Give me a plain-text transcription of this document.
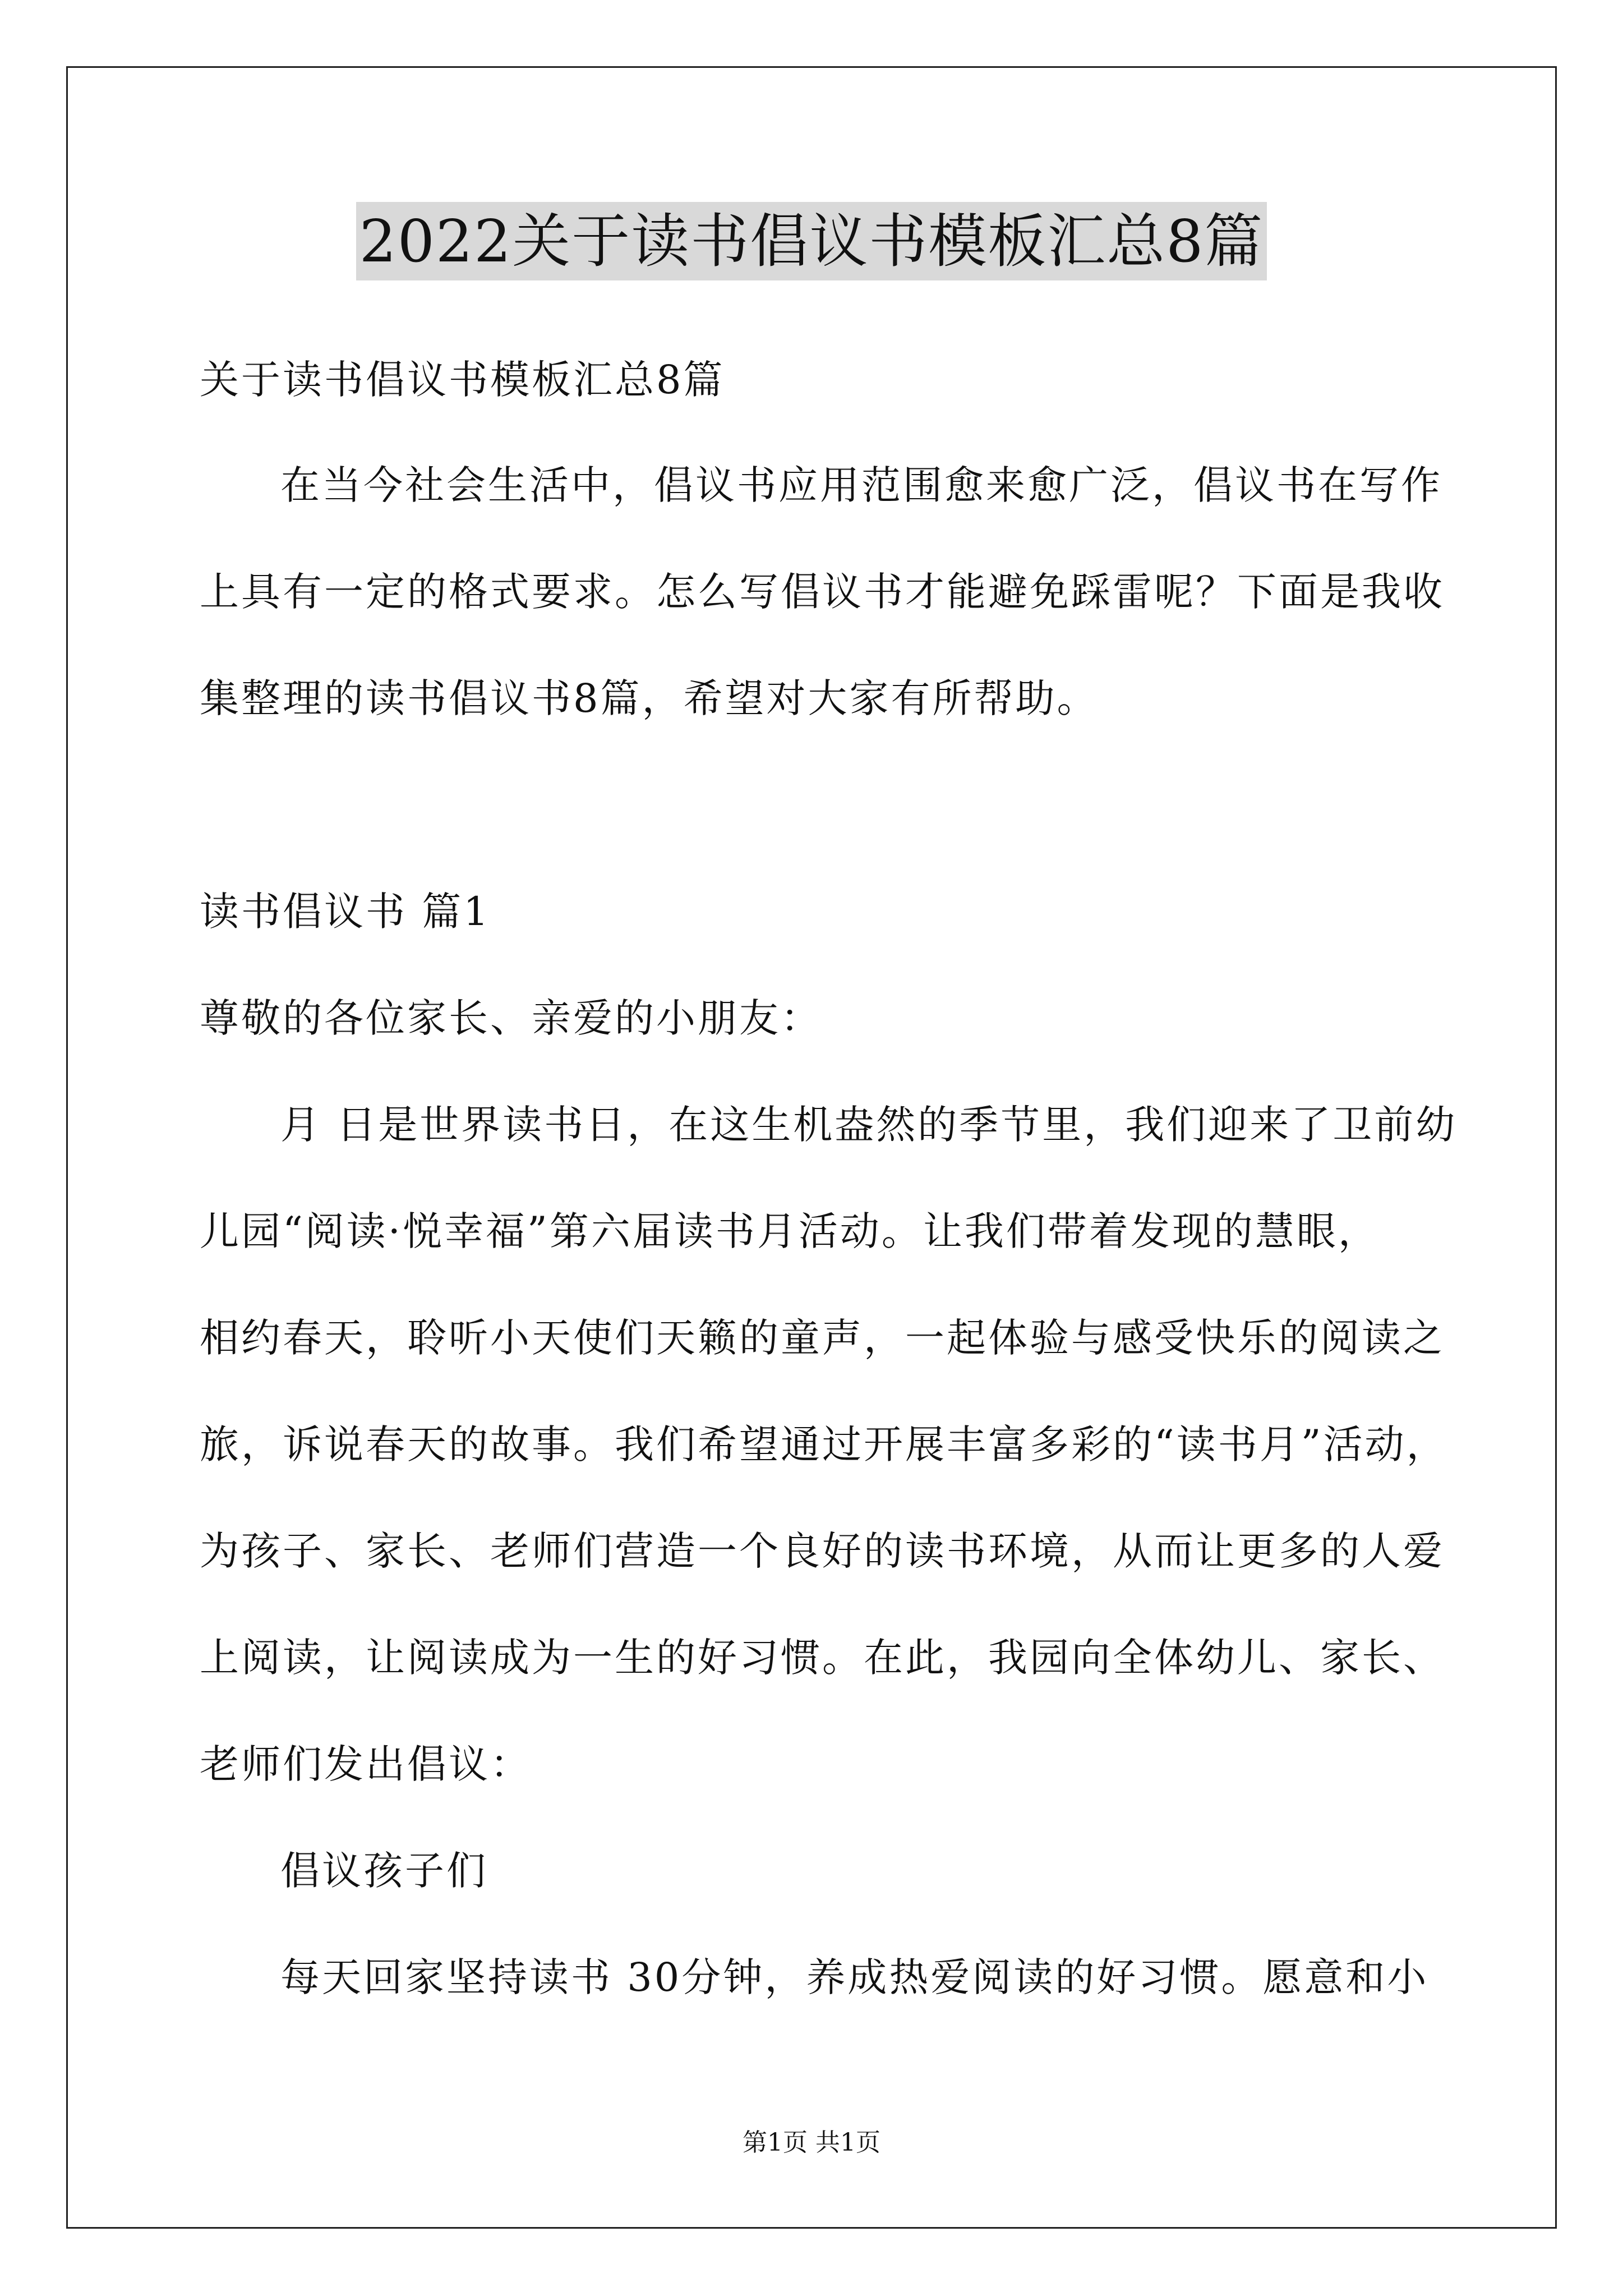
2022关于读书倡议书模板汇总8篇
关于读书倡议书模板汇总8篇
在当今社会生活中，倡议书应用范围愈来愈广泛，倡议书在写作
上具有一定的格式要求。怎么写倡议书才能避免踩雷呢？下面是我收
集整理的读书倡议书8篇，希望对大家有所帮助。
读书倡议书 篇1
尊敬的各位家长、亲爱的小朋友：
月 日是世界读书日，在这生机盎然的季节里，我们迎来了卫前幼
儿园“阅读·悦幸福”第六届读书月活动。让我们带着发现的慧眼，
相约春天，聆听小天使们天籁的童声，一起体验与感受快乐的阅读之
旅，诉说春天的故事。我们希望通过开展丰富多彩的“读书月”活动，
为孩子、家长、老师们营造一个良好的读书环境，从而让更多的人爱
上阅读，让阅读成为一生的好习惯。在此，我园向全体幼儿、家长、
老师们发出倡议：
倡议孩子们
每天回家坚持读书 30分钟，养成热爱阅读的好习惯。愿意和小
第1页 共1页
